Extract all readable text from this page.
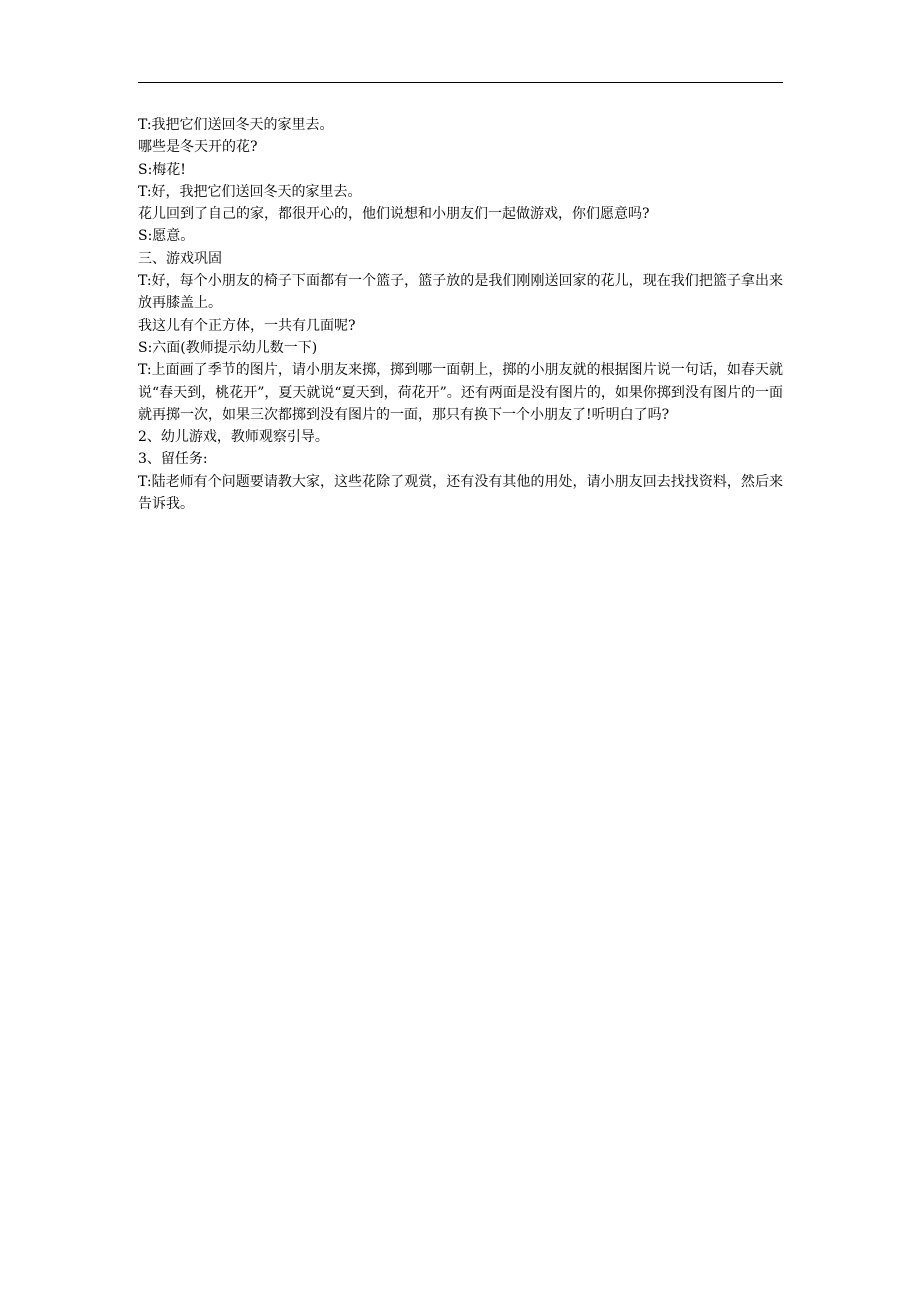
T:我把它们送回冬天的家里去。

哪些是冬天开的花?

S:梅花!

T:好，我把它们送回冬天的家里去。

花儿回到了自己的家，都很开心的，他们说想和小朋友们一起做游戏，你们愿意吗?

S:愿意。

三、游戏巩固

T:好，每个小朋友的椅子下面都有一个篮子，篮子放的是我们刚刚送回家的花儿，现在我们把篮子拿出来放再膝盖上。

我这儿有个正方体，一共有几面呢?

S:六面(教师提示幼儿数一下)

T:上面画了季节的图片，请小朋友来掷，掷到哪一面朝上，掷的小朋友就的根据图片说一句话，如春天就说“春天到，桃花开”，夏天就说“夏天到，荷花开”。还有两面是没有图片的，如果你掷到没有图片的一面就再掷一次，如果三次都掷到没有图片的一面，那只有换下一个小朋友了!听明白了吗?

2、幼儿游戏，教师观察引导。

3、留任务:

T:陆老师有个问题要请教大家，这些花除了观赏，还有没有其他的用处，请小朋友回去找找资料，然后来告诉我。
